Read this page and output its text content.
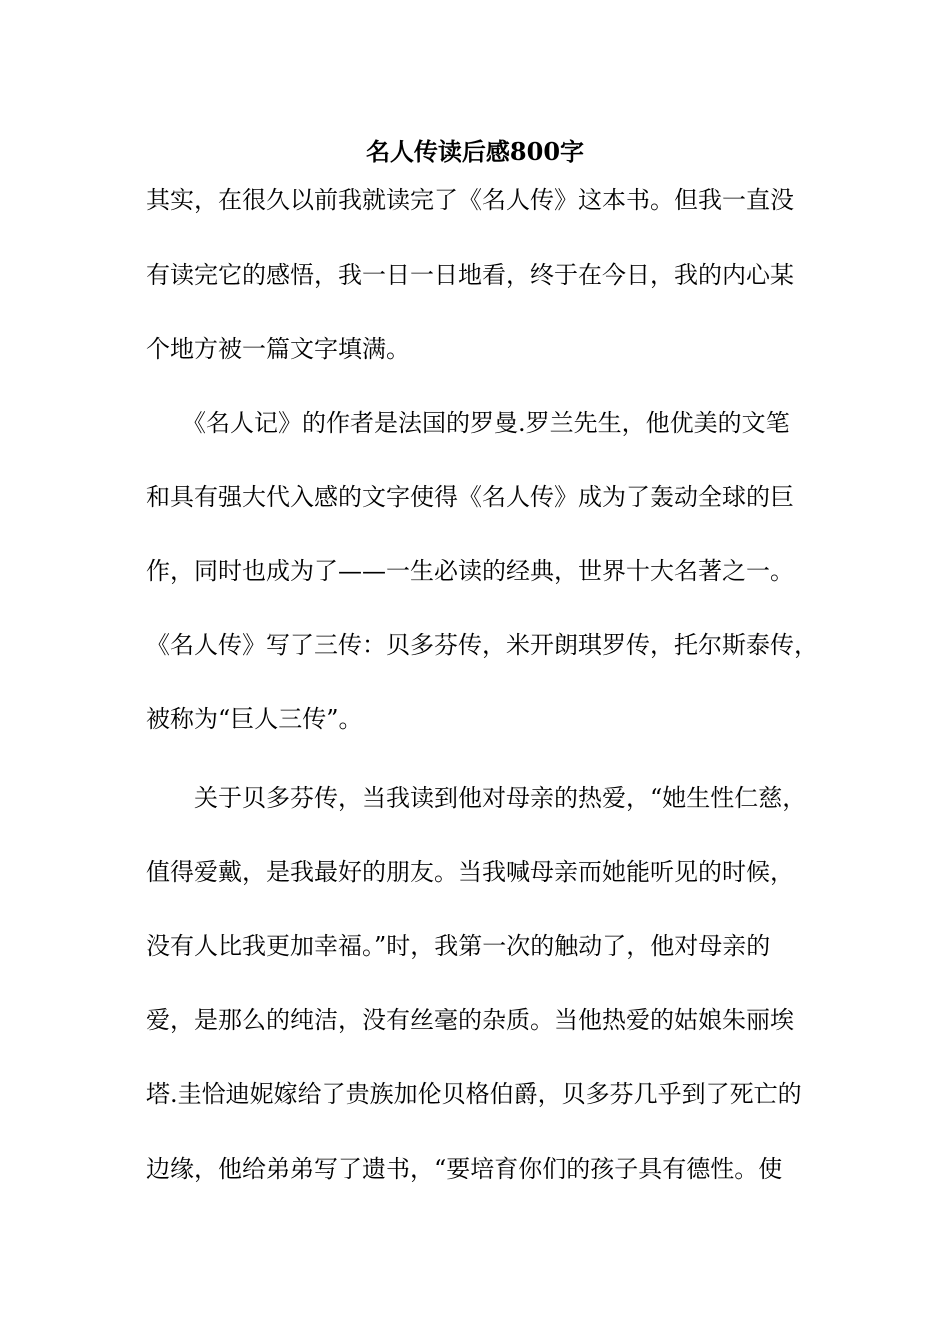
名人传读后感800字
其实，在很久以前我就读完了《名人传》这本书。但我一直没
有读完它的感悟，我一日一日地看，终于在今日，我的内心某
个地方被一篇文字填满。
　　《名人记》的作者是法国的罗曼.罗兰先生，他优美的文笔
和具有强大代入感的文字使得《名人传》成为了轰动全球的巨
作，同时也成为了——一生必读的经典，世界十大名著之一。
《名人传》写了三传：贝多芬传，米开朗琪罗传，托尔斯泰传，
被称为“巨人三传”。
　　关于贝多芬传，当我读到他对母亲的热爱，“她生性仁慈，
值得爱戴，是我最好的朋友。当我喊母亲而她能听见的时候，
没有人比我更加幸福。”时，我第一次的触动了，他对母亲的
爱，是那么的纯洁，没有丝毫的杂质。当他热爱的姑娘朱丽埃
塔.圭恰迪妮嫁给了贵族加伦贝格伯爵，贝多芬几乎到了死亡的
边缘，他给弟弟写了遗书，“要培育你们的孩子具有德性。使
